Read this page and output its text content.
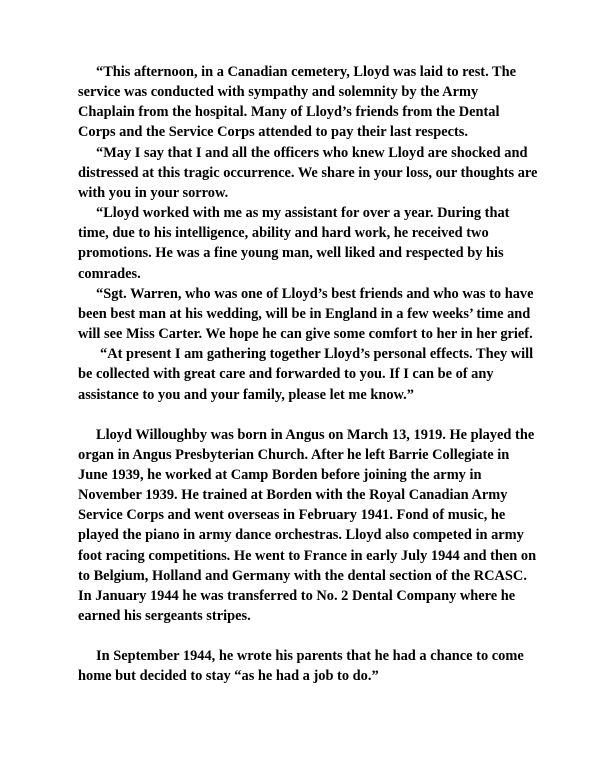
“This afternoon, in a Canadian cemetery, Lloyd was laid to rest. The service was conducted with sympathy and solemnity by the Army Chaplain from the hospital. Many of Lloyd’s friends from the Dental Corps and the Service Corps attended to pay their last respects.

“May I say that I and all the officers who knew Lloyd are shocked and distressed at this tragic occurrence. We share in your loss, our thoughts are with you in your sorrow.

“Lloyd worked with me as my assistant for over a year. During that time, due to his intelligence, ability and hard work, he received two promotions. He was a fine young man, well liked and respected by his comrades.

“Sgt. Warren, who was one of Lloyd’s best friends and who was to have been best man at his wedding, will be in England in a few weeks’ time and will see Miss Carter. We hope he can give some comfort to her in her grief.

“At present I am gathering together Lloyd’s personal effects. They will be collected with great care and forwarded to you. If I can be of any assistance to you and your family, please let me know.”

Lloyd Willoughby was born in Angus on March 13, 1919. He played the organ in Angus Presbyterian Church. After he left Barrie Collegiate in June 1939, he worked at Camp Borden before joining the army in November 1939. He trained at Borden with the Royal Canadian Army Service Corps and went overseas in February 1941. Fond of music, he played the piano in army dance orchestras. Lloyd also competed in army foot racing competitions. He went to France in early July 1944 and then on to Belgium, Holland and Germany with the dental section of the RCASC. In January 1944 he was transferred to No. 2 Dental Company where he earned his sergeants stripes.

In September 1944, he wrote his parents that he had a chance to come home but decided to stay “as he had a job to do.”
